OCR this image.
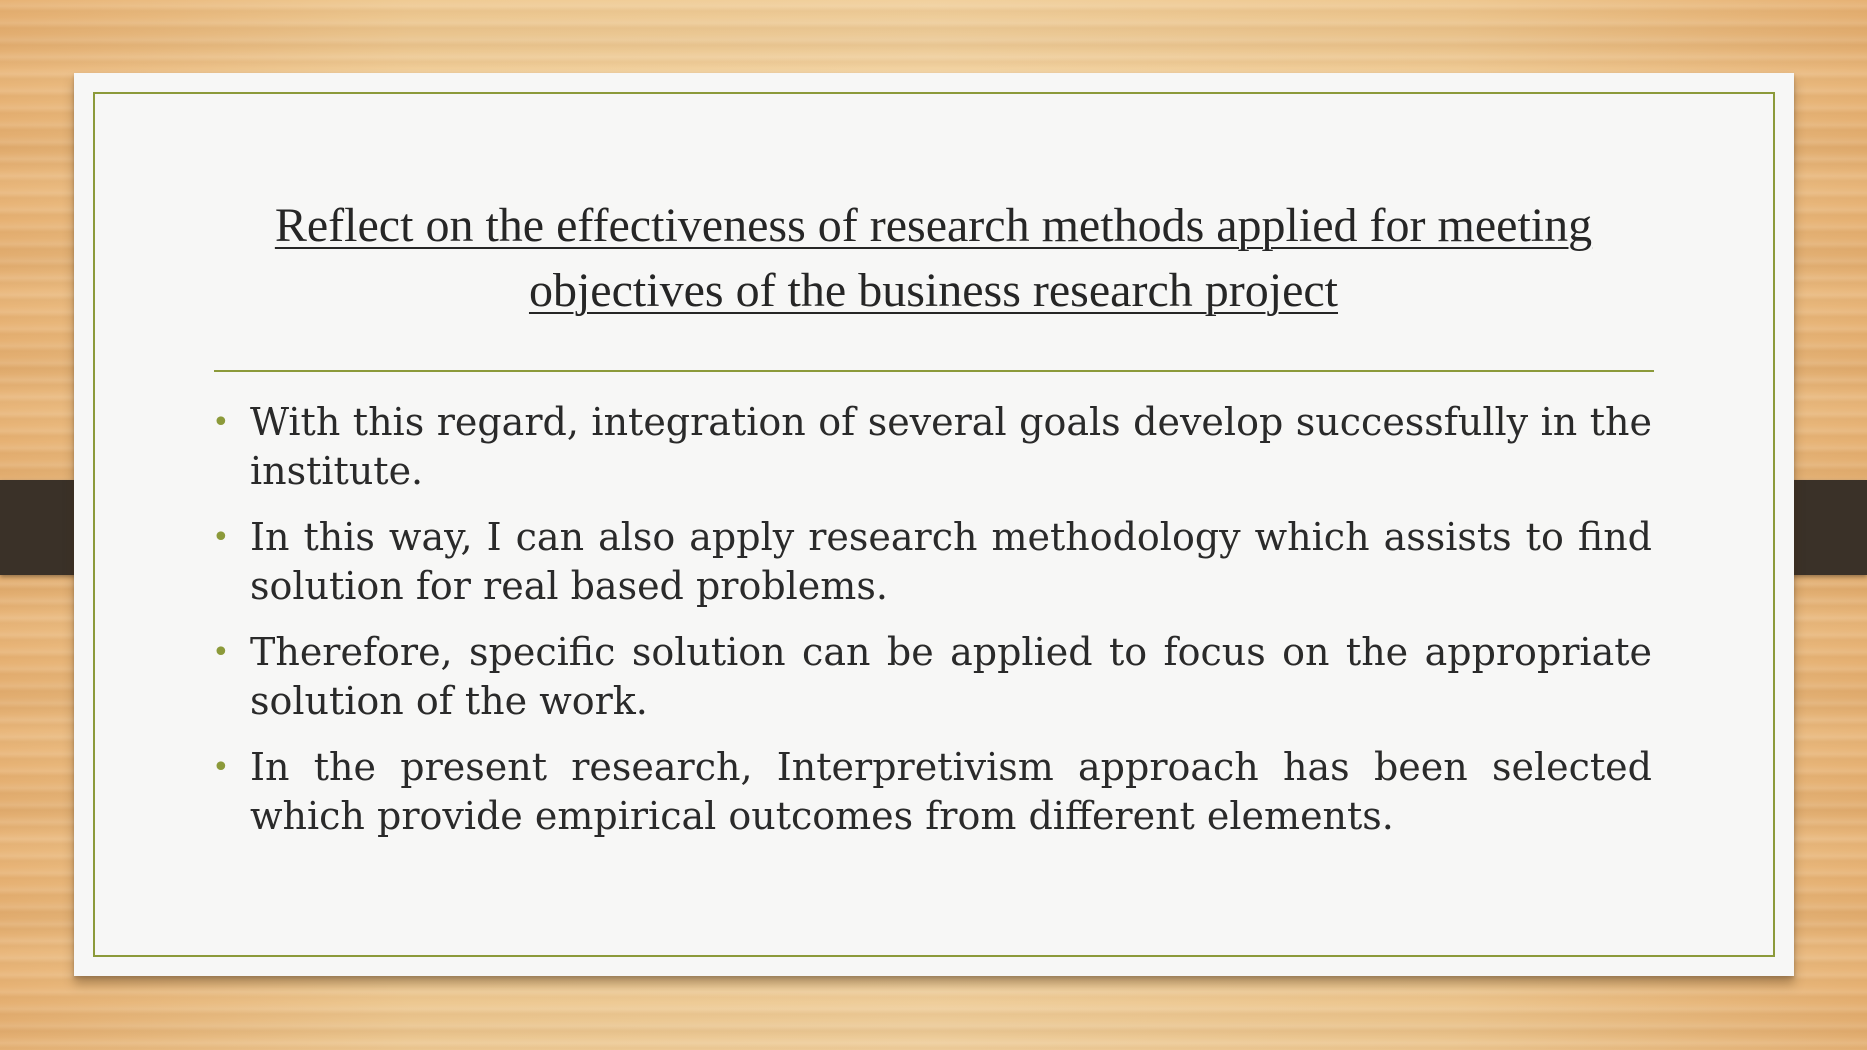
Reflect on the effectiveness of research methods applied for meeting objectives of the business research project
• With this regard, integration of several goals develop successfully in the institute.
• In this way, I can also apply research methodology which assists to find solution for real based problems.
• Therefore, specific solution can be applied to focus on the appropriate solution of the work.
• In the present research, Interpretivism approach has been selected which provide empirical outcomes from different elements.
